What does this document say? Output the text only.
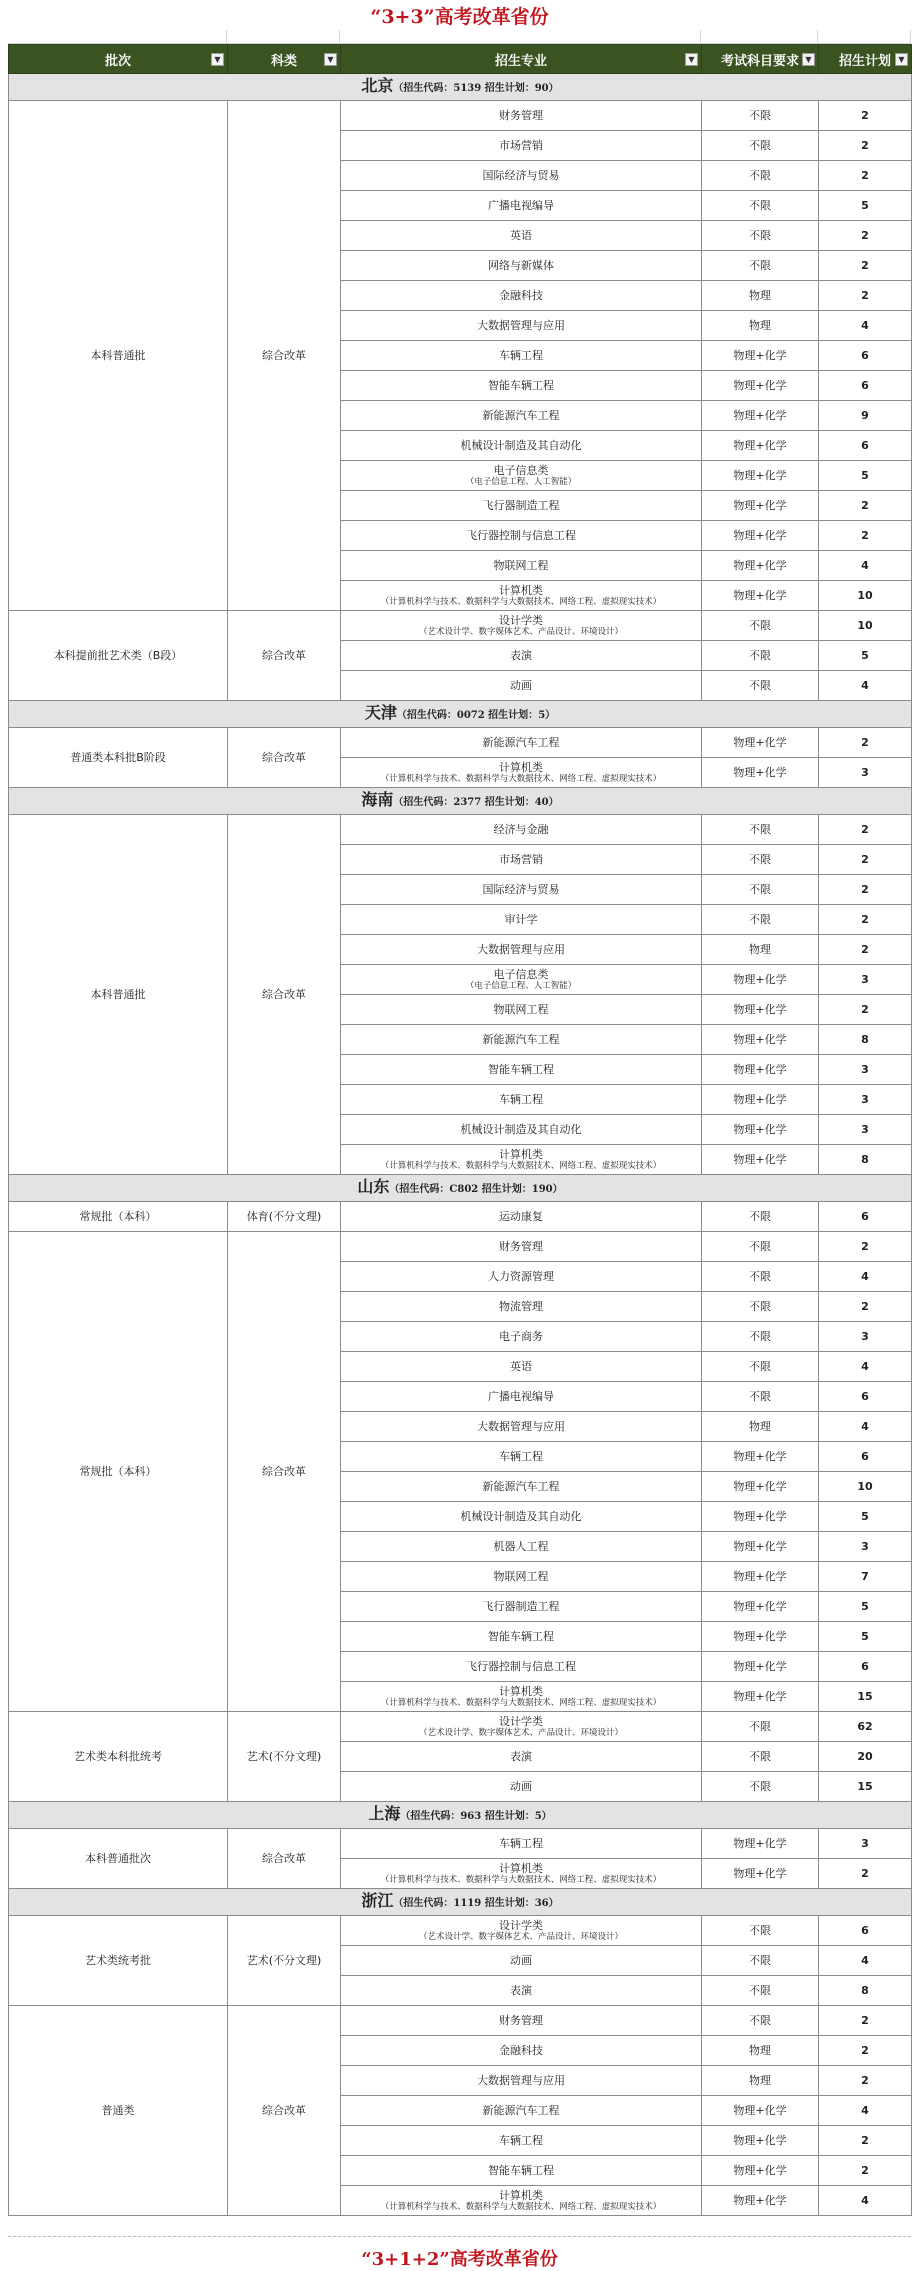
“3+3”高考改革省份
批次 ▼	科类 ▼	招生专业 ▼	考试科目要求 ▼	招生计划 ▼

北京（招生代码：5139 招生计划：90）				
本科普通批	综合改革	财务管理	不限	2
		市场营销	不限	2
		国际经济与贸易	不限	2
		广播电视编导	不限	5
		英语	不限	2
		网络与新媒体	不限	2
		金融科技	物理	2
		大数据管理与应用	物理	4
		车辆工程	物理+化学	6
		智能车辆工程	物理+化学	6
		新能源汽车工程	物理+化学	9
		机械设计制造及其自动化	物理+化学	6
		电子信息类
（电子信息工程、人工智能）	物理+化学	5
		飞行器制造工程	物理+化学	2
		飞行器控制与信息工程	物理+化学	2
		物联网工程	物理+化学	4
		计算机类
（计算机科学与技术、数据科学与大数据技术、网络工程、虚拟现实技术）	物理+化学	10
本科提前批艺术类（B段）	综合改革	设计学类
（艺术设计学、数字媒体艺术、产品设计、环境设计）	不限	10
		表演	不限	5
		动画	不限	4
天津（招生代码：0072 招生计划：5）				
普通类本科批B阶段	综合改革	新能源汽车工程	物理+化学	2
		计算机类
（计算机科学与技术、数据科学与大数据技术、网络工程、虚拟现实技术）	物理+化学	3
海南（招生代码：2377 招生计划：40）				
本科普通批	综合改革	经济与金融	不限	2
		市场营销	不限	2
		国际经济与贸易	不限	2
		审计学	不限	2
		大数据管理与应用	物理	2
		电子信息类
（电子信息工程、人工智能）	物理+化学	3
		物联网工程	物理+化学	2
		新能源汽车工程	物理+化学	8
		智能车辆工程	物理+化学	3
		车辆工程	物理+化学	3
		机械设计制造及其自动化	物理+化学	3
		计算机类
（计算机科学与技术、数据科学与大数据技术、网络工程、虚拟现实技术）	物理+化学	8
山东（招生代码：C802 招生计划：190）				
常规批（本科）	体育(不分文理)	运动康复	不限	6
常规批（本科）	综合改革	财务管理	不限	2
		人力资源管理	不限	4
		物流管理	不限	2
		电子商务	不限	3
		英语	不限	4
		广播电视编导	不限	6
		大数据管理与应用	物理	4
		车辆工程	物理+化学	6
		新能源汽车工程	物理+化学	10
		机械设计制造及其自动化	物理+化学	5
		机器人工程	物理+化学	3
		物联网工程	物理+化学	7
		飞行器制造工程	物理+化学	5
		智能车辆工程	物理+化学	5
		飞行器控制与信息工程	物理+化学	6
		计算机类
（计算机科学与技术、数据科学与大数据技术、网络工程、虚拟现实技术）	物理+化学	15
艺术类本科批统考	艺术(不分文理)	设计学类
（艺术设计学、数字媒体艺术、产品设计、环境设计）	不限	62
		表演	不限	20
		动画	不限	15
上海（招生代码：963 招生计划：5）				
本科普通批次	综合改革	车辆工程	物理+化学	3
		计算机类
（计算机科学与技术、数据科学与大数据技术、网络工程、虚拟现实技术）	物理+化学	2
浙江（招生代码：1119 招生计划：36）				
艺术类统考批	艺术(不分文理)	设计学类
（艺术设计学、数字媒体艺术、产品设计、环境设计）	不限	6
		动画	不限	4
		表演	不限	8
普通类	综合改革	财务管理	不限	2
		金融科技	物理	2
		大数据管理与应用	物理	2
		新能源汽车工程	物理+化学	4
		车辆工程	物理+化学	2
		智能车辆工程	物理+化学	2
		计算机类
（计算机科学与技术、数据科学与大数据技术、网络工程、虚拟现实技术）	物理+化学	4
“3+1+2”高考改革省份
